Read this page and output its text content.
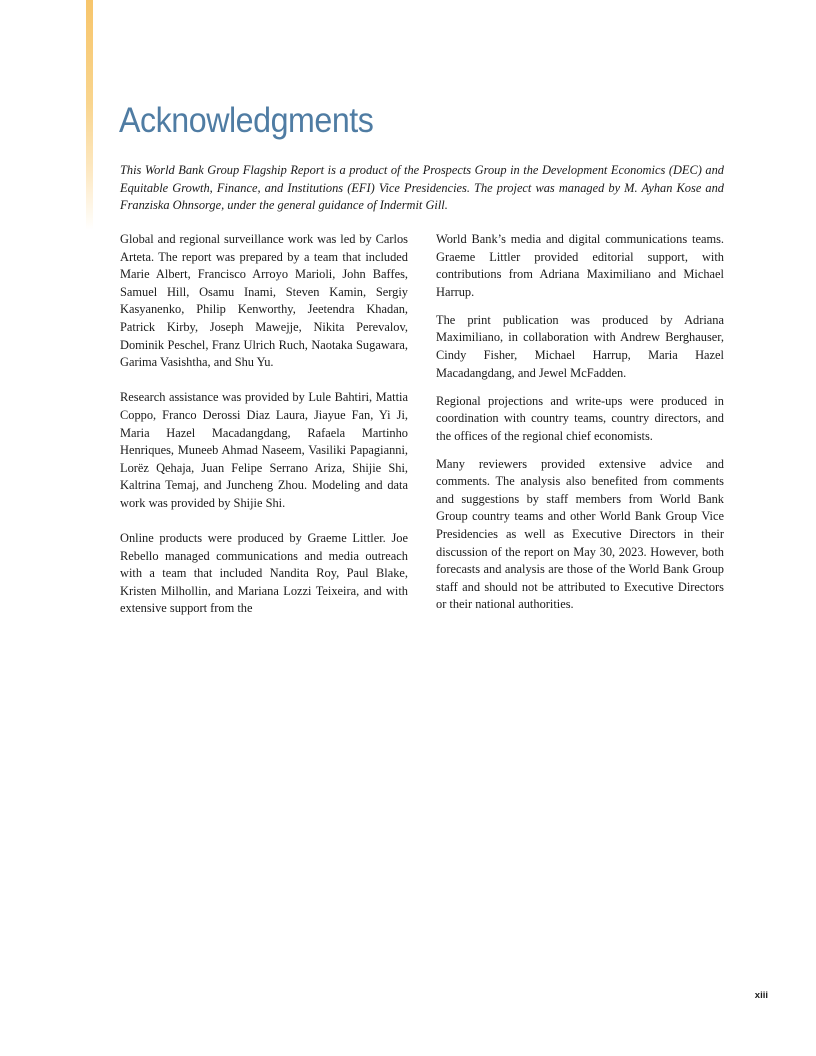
Acknowledgments

This World Bank Group Flagship Report is a product of the Prospects Group in the Development Economics (DEC) and Equitable Growth, Finance, and Institutions (EFI) Vice Presidencies. The project was managed by M. Ayhan Kose and Franziska Ohnsorge, under the general guidance of Indermit Gill.

Global and regional surveillance work was led by Carlos Arteta. The report was prepared by a team that included Marie Albert, Francisco Arroyo Marioli, John Baffes, Samuel Hill, Osamu Inami, Steven Kamin, Sergiy Kasyanenko, Philip Kenworthy, Jeetendra Khadan, Patrick Kirby, Joseph Mawejje, Nikita Perevalov, Dominik Peschel, Franz Ulrich Ruch, Naotaka Sugawara, Garima Vasishtha, and Shu Yu.

Research assistance was provided by Lule Bahtiri, Mattia Coppo, Franco Derossi Diaz Laura, Jiayue Fan, Yi Ji, Maria Hazel Macadangdang, Rafaela Martinho Henriques, Muneeb Ahmad Naseem, Vasiliki Papagianni, Lorëz Qehaja, Juan Felipe Serrano Ariza, Shijie Shi, Kaltrina Temaj, and Juncheng Zhou. Modeling and data work was provided by Shijie Shi.

Online products were produced by Graeme Littler. Joe Rebello managed communications and media outreach with a team that included Nandita Roy, Paul Blake, Kristen Milhollin, and Mariana Lozzi Teixeira, and with extensive support from the

World Bank’s media and digital communications teams. Graeme Littler provided editorial support, with contributions from Adriana Maximiliano and Michael Harrup.

The print publication was produced by Adriana Maximiliano, in collaboration with Andrew Berghauser, Cindy Fisher, Michael Harrup, Maria Hazel Macadangdang, and Jewel McFadden.

Regional projections and write-ups were produced in coordination with country teams, country directors, and the offices of the regional chief economists.

Many reviewers provided extensive advice and comments. The analysis also benefited from comments and suggestions by staff members from World Bank Group country teams and other World Bank Group Vice Presidencies as well as Executive Directors in their discussion of the report on May 30, 2023. However, both forecasts and analysis are those of the World Bank Group staff and should not be attributed to Executive Directors or their national authorities.

xiii
